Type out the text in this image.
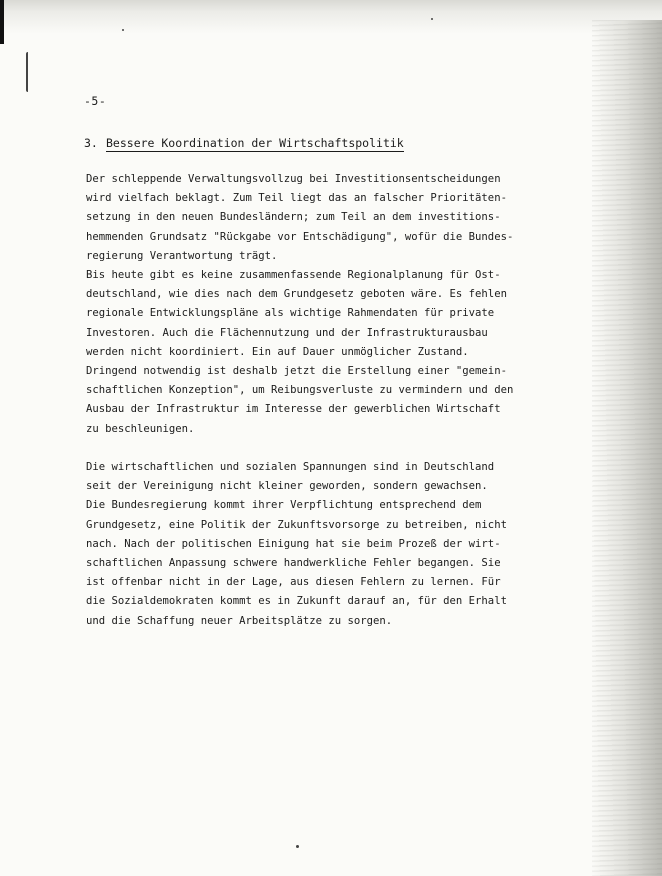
-5-
3. Bessere Koordination der Wirtschaftspolitik
Der schleppende Verwaltungsvollzug bei Investitionsentscheidungen
wird vielfach beklagt. Zum Teil liegt das an falscher Prioritäten-
setzung in den neuen Bundesländern; zum Teil an dem investitions-
hemmenden Grundsatz "Rückgabe vor Entschädigung", wofür die Bundes-
regierung Verantwortung trägt.
Bis heute gibt es keine zusammenfassende Regionalplanung für Ost-
deutschland, wie dies nach dem Grundgesetz geboten wäre. Es fehlen
regionale Entwicklungspläne als wichtige Rahmendaten für private
Investoren. Auch die Flächennutzung und der Infrastrukturausbau
werden nicht koordiniert. Ein auf Dauer unmöglicher Zustand.
Dringend notwendig ist deshalb jetzt die Erstellung einer "gemein-
schaftlichen Konzeption", um Reibungsverluste zu vermindern und den
Ausbau der Infrastruktur im Interesse der gewerblichen Wirtschaft
zu beschleunigen.
Die wirtschaftlichen und sozialen Spannungen sind in Deutschland
seit der Vereinigung nicht kleiner geworden, sondern gewachsen.
Die Bundesregierung kommt ihrer Verpflichtung entsprechend dem
Grundgesetz, eine Politik der Zukunftsvorsorge zu betreiben, nicht
nach. Nach der politischen Einigung hat sie beim Prozeß der wirt-
schaftlichen Anpassung schwere handwerkliche Fehler begangen. Sie
ist offenbar nicht in der Lage, aus diesen Fehlern zu lernen. Für
die Sozialdemokraten kommt es in Zukunft darauf an, für den Erhalt
und die Schaffung neuer Arbeitsplätze zu sorgen.
